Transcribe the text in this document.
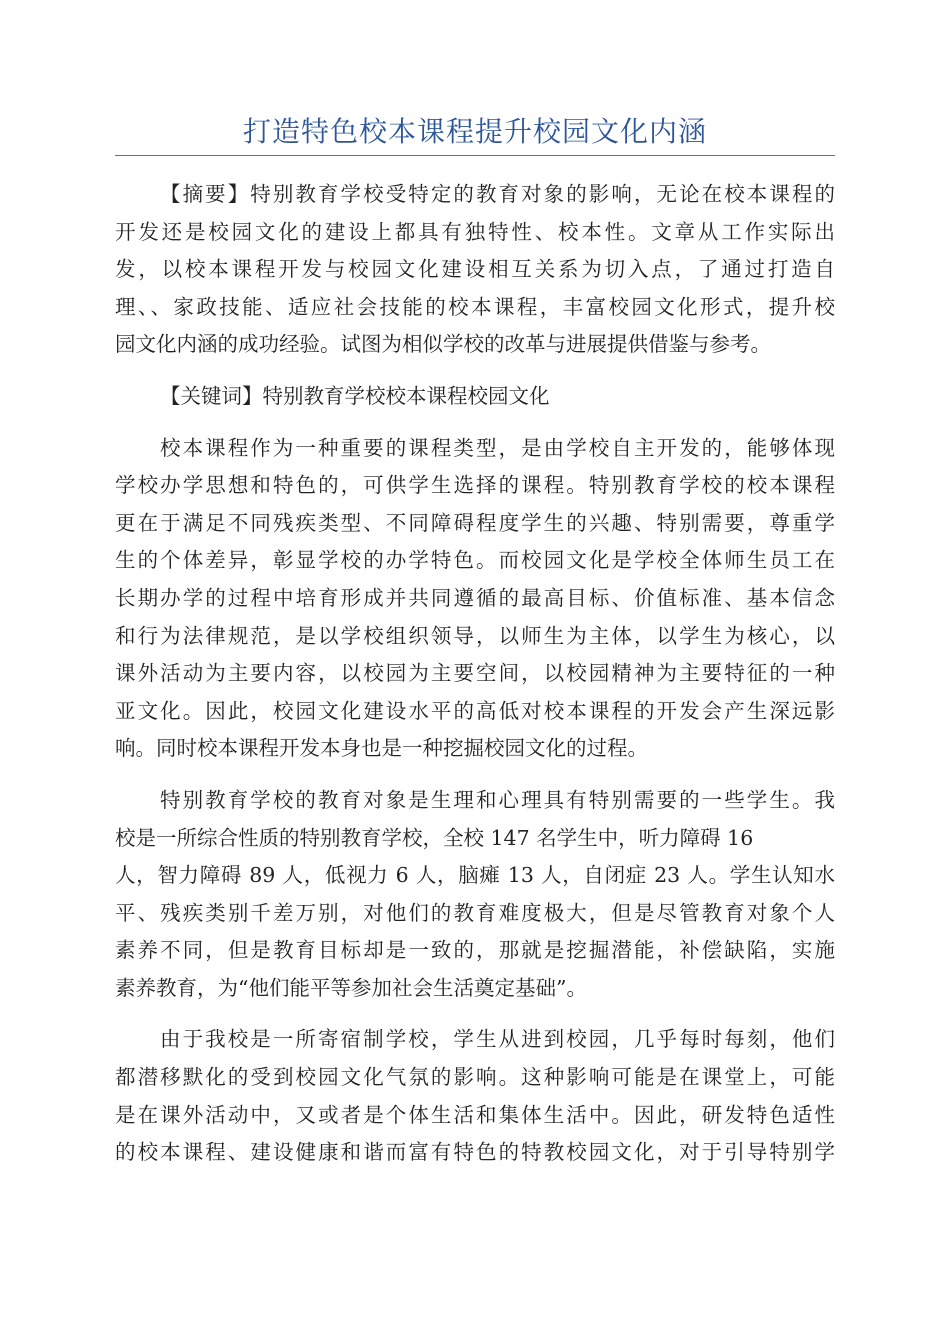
打造特色校本课程提升校园文化内涵
【摘要】特别教育学校受特定的教育对象的影响，无论在校本课程的
开发还是校园文化的建设上都具有独特性、校本性。文章从工作实际出
发，以校本课程开发与校园文化建设相互关系为切入点，了通过打造自
理、、家政技能、适应社会技能的校本课程，丰富校园文化形式，提升校
园文化内涵的成功经验。试图为相似学校的改革与进展提供借鉴与参考。
【关键词】特别教育学校校本课程校园文化
校本课程作为一种重要的课程类型，是由学校自主开发的，能够体现
学校办学思想和特色的，可供学生选择的课程。特别教育学校的校本课程
更在于满足不同残疾类型、不同障碍程度学生的兴趣、特别需要，尊重学
生的个体差异，彰显学校的办学特色。而校园文化是学校全体师生员工在
长期办学的过程中培育形成并共同遵循的最高目标、价值标准、基本信念
和行为法律规范，是以学校组织领导，以师生为主体，以学生为核心，以
课外活动为主要内容，以校园为主要空间，以校园精神为主要特征的一种
亚文化。因此，校园文化建设水平的高低对校本课程的开发会产生深远影
响。同时校本课程开发本身也是一种挖掘校园文化的过程。
特别教育学校的教育对象是生理和心理具有特别需要的一些学生。我
校是一所综合性质的特别教育学校，全校 147 名学生中，听力障碍 16
人，智力障碍 89 人，低视力 6 人，脑瘫 13 人，自闭症 23 人。学生认知水
平、残疾类别千差万别，对他们的教育难度极大，但是尽管教育对象个人
素养不同，但是教育目标却是一致的，那就是挖掘潜能，补偿缺陷，实施
素养教育，为“他们能平等参加社会生活奠定基础”。
由于我校是一所寄宿制学校，学生从进到校园，几乎每时每刻，他们
都潜移默化的受到校园文化气氛的影响。这种影响可能是在课堂上，可能
是在课外活动中，又或者是个体生活和集体生活中。因此，研发特色适性
的校本课程、建设健康和谐而富有特色的特教校园文化，对于引导特别学
